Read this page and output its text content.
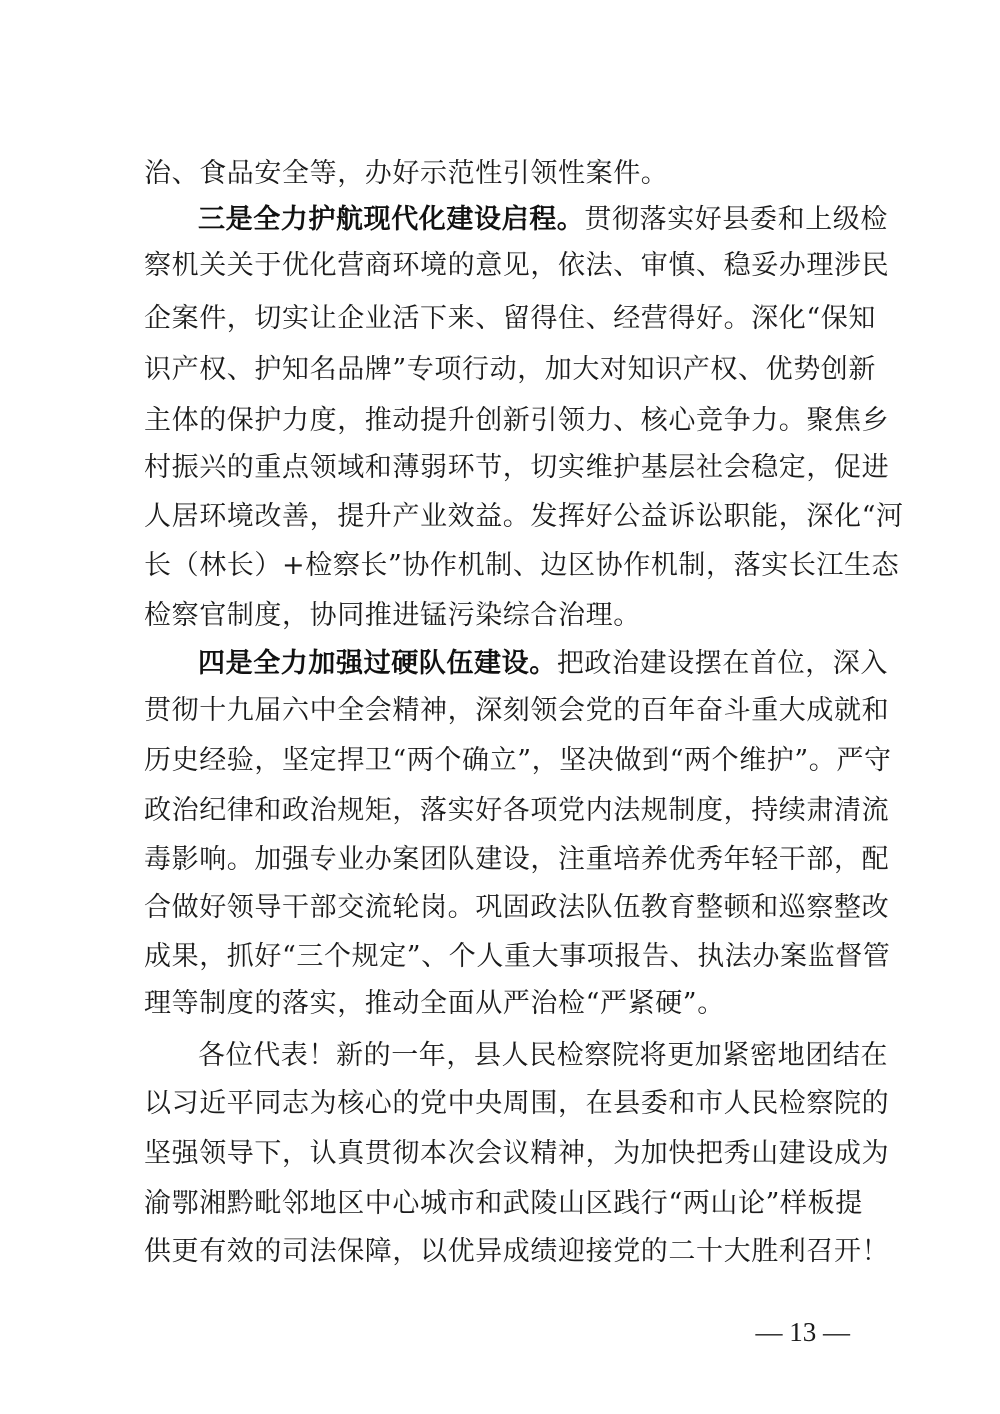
治、食品安全等，办好示范性引领性案件。
三是全力护航现代化建设启程。贯彻落实好县委和上级检
察机关关于优化营商环境的意见，依法、审慎、稳妥办理涉民
企案件，切实让企业活下来、留得住、经营得好。深化“保知
识产权、护知名品牌”专项行动，加大对知识产权、优势创新
主体的保护力度，推动提升创新引领力、核心竞争力。聚焦乡
村振兴的重点领域和薄弱环节，切实维护基层社会稳定，促进
人居环境改善，提升产业效益。发挥好公益诉讼职能，深化“河
长（林长）+检察长”协作机制、边区协作机制，落实长江生态
检察官制度，协同推进锰污染综合治理。
四是全力加强过硬队伍建设。把政治建设摆在首位，深入
贯彻十九届六中全会精神，深刻领会党的百年奋斗重大成就和
历史经验，坚定捍卫“两个确立”，坚决做到“两个维护”。严守
政治纪律和政治规矩，落实好各项党内法规制度，持续肃清流
毒影响。加强专业办案团队建设，注重培养优秀年轻干部，配
合做好领导干部交流轮岗。巩固政法队伍教育整顿和巡察整改
成果，抓好“三个规定”、个人重大事项报告、执法办案监督管
理等制度的落实，推动全面从严治检“严紧硬”。
各位代表！新的一年，县人民检察院将更加紧密地团结在
以习近平同志为核心的党中央周围，在县委和市人民检察院的
坚强领导下，认真贯彻本次会议精神，为加快把秀山建设成为
渝鄂湘黔毗邻地区中心城市和武陵山区践行“两山论”样板提
供更有效的司法保障，以优异成绩迎接党的二十大胜利召开！
— 13 —
